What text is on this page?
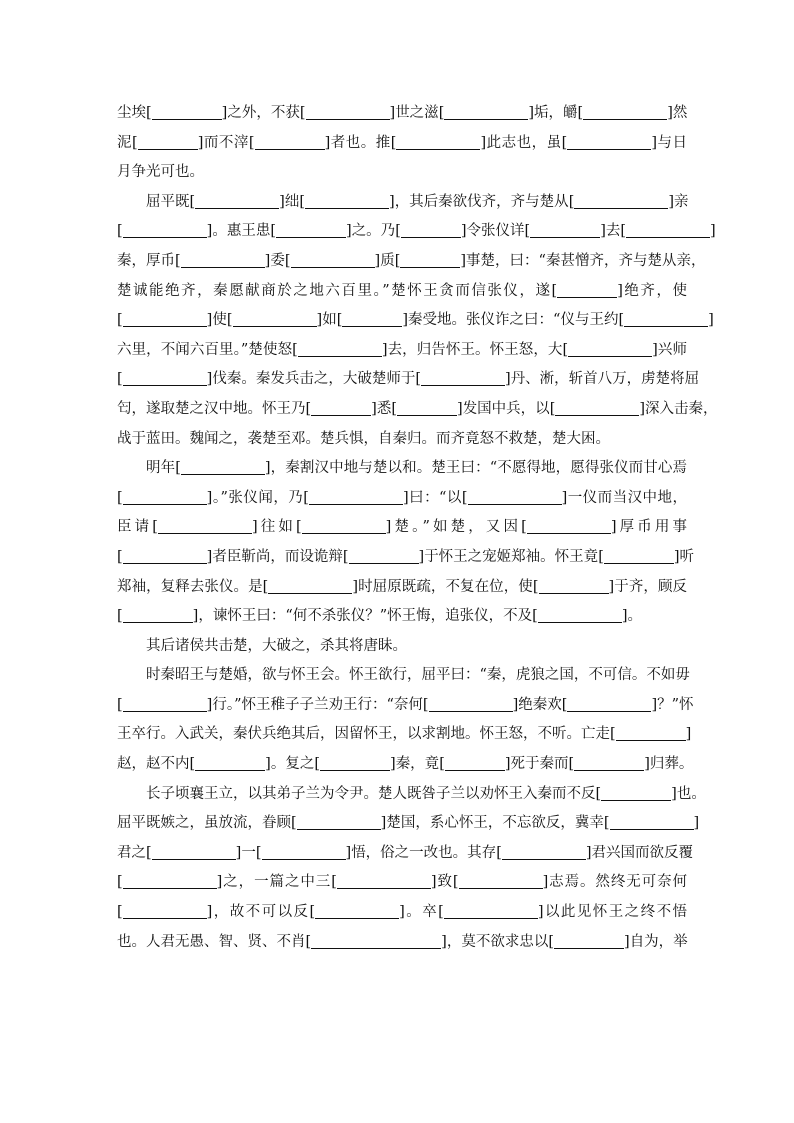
尘埃[	]之外，不获[	]世之滋[	]垢，皭[	]然
泥[	]而不滓[	]者也。推[	]此志也，虽[	]与日
月争光可也。
屈平既[	]绌[	]，其后秦欲伐齐，齐与楚从[	]亲
[	]。惠王患[	]之。乃[	]令张仪详[	]去[	]
秦，厚币[	]委[	]质[	]事楚，曰：“秦甚憎齐，齐与楚从亲，
楚诚能绝齐，秦愿献商於之地六百里。”楚怀王贪而信张仪，遂[	]绝齐，使
[	]使[	]如[	]秦受地。张仪诈之曰：“仪与王约[	]
六里，不闻六百里。”楚使怒[	]去，归告怀王。怀王怒，大[	]兴师
[	]伐秦。秦发兵击之，大破楚师于[	]丹、淅，斩首八万，虏楚将屈
匄，遂取楚之汉中地。怀王乃[	]悉[	]发国中兵，以[	]深入击秦，
战于蓝田。魏闻之，袭楚至邓。楚兵惧，自秦归。而齐竟怒不救楚，楚大困。
明年[	]，秦割汉中地与楚以和。楚王曰：“不愿得地，愿得张仪而甘心焉
[	]。”张仪闻，乃[	]曰：“以[	]一仪而当汉中地，
臣请[	]往如[	]楚。”如楚，又因[	]厚币用事
[	]者臣靳尚，而设诡辩[	]于怀王之宠姬郑袖。怀王竟[	]听
郑袖，复释去张仪。是[	]时屈原既疏，不复在位，使[	]于齐，顾反
[	]，谏怀王曰：“何不杀张仪？”怀王悔，追张仪，不及[	]。
其后诸侯共击楚，大破之，杀其将唐眛。
时秦昭王与楚婚，欲与怀王会。怀王欲行，屈平曰：“秦，虎狼之国，不可信。不如毋
[	]行。”怀王稚子子兰劝王行：“奈何[	]绝秦欢[	]？”怀
王卒行。入武关，秦伏兵绝其后，因留怀王，以求割地。怀王怒，不听。亡走[	]
赵，赵不内[	]。复之[	]秦，竟[	]死于秦而[	]归葬。
长子顷襄王立，以其弟子兰为令尹。楚人既咎子兰以劝怀王入秦而不反[	]也。
屈平既嫉之，虽放流，眷顾[	]楚国，系心怀王，不忘欲反，冀幸[	]
君之[	]一[	]悟，俗之一改也。其存[	]君兴国而欲反覆
[	]之，一篇之中三[	]致[	]志焉。然终无可奈何
[	]，故不可以反[	]。卒[	]以此见怀王之终不悟
也。人君无愚、智、贤、不肖[	]，莫不欲求忠以[	]自为，举
